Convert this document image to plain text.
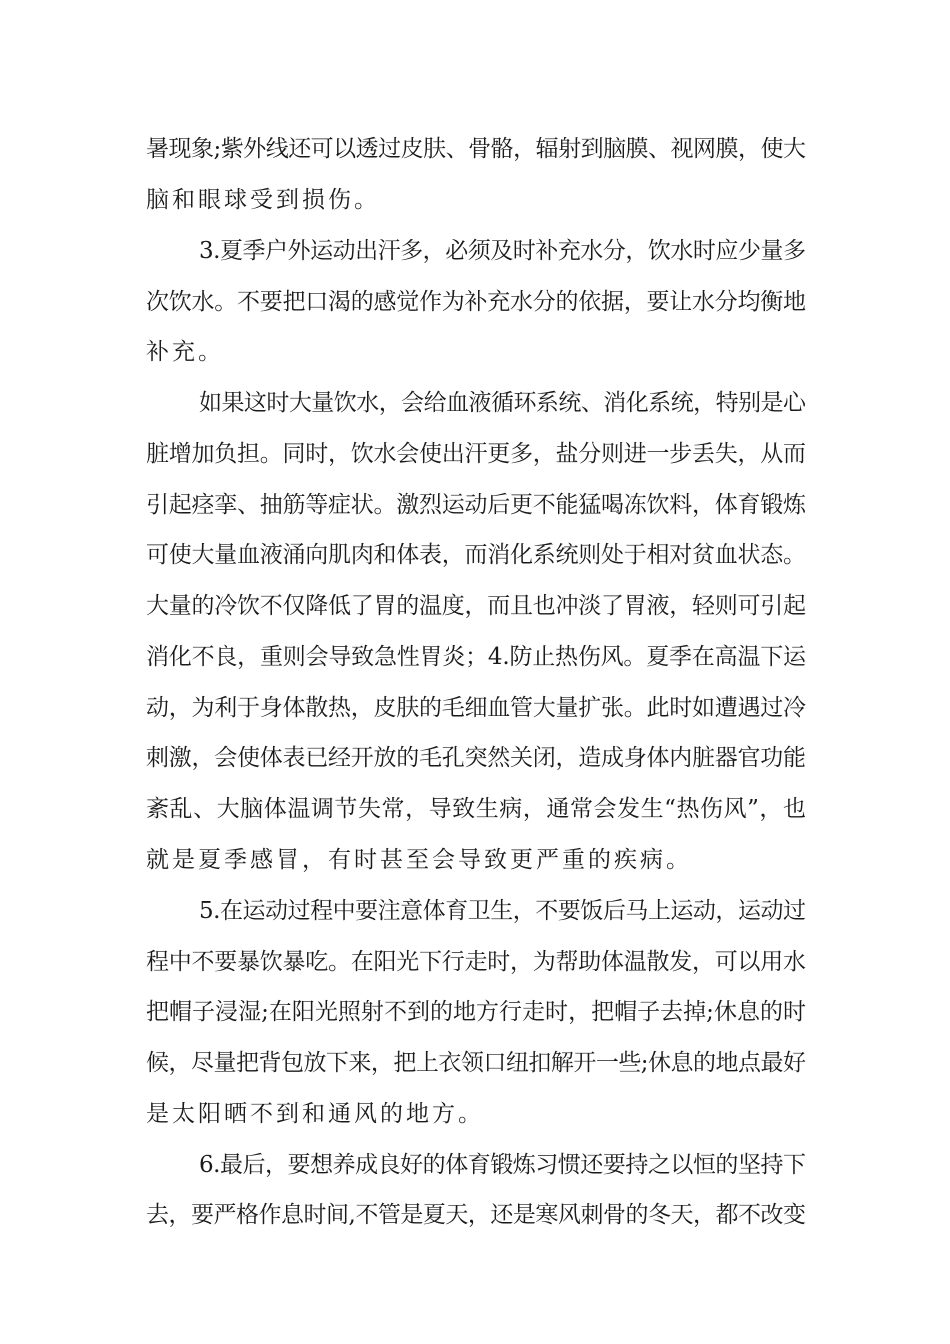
暑现象;紫外线还可以透过皮肤、骨骼，辐射到脑膜、视网膜，使大
脑和眼球受到损伤。
3.夏季户外运动出汗多，必须及时补充水分，饮水时应少量多
次饮水。不要把口渴的感觉作为补充水分的依据，要让水分均衡地
补充。
如果这时大量饮水，会给血液循环系统、消化系统，特别是心
脏增加负担。同时，饮水会使出汗更多，盐分则进一步丢失，从而
引起痉挛、抽筋等症状。激烈运动后更不能猛喝冻饮料，体育锻炼
可使大量血液涌向肌肉和体表，而消化系统则处于相对贫血状态。
大量的冷饮不仅降低了胃的温度，而且也冲淡了胃液，轻则可引起
消化不良，重则会导致急性胃炎；4.防止热伤风。夏季在高温下运
动，为利于身体散热，皮肤的毛细血管大量扩张。此时如遭遇过冷
刺激，会使体表已经开放的毛孔突然关闭，造成身体内脏器官功能
紊乱、大脑体温调节失常，导致生病，通常会发生“热伤风”，也
就是夏季感冒，有时甚至会导致更严重的疾病。
5.在运动过程中要注意体育卫生，不要饭后马上运动，运动过
程中不要暴饮暴吃。在阳光下行走时，为帮助体温散发，可以用水
把帽子浸湿;在阳光照射不到的地方行走时，把帽子去掉;休息的时
候，尽量把背包放下来，把上衣领口纽扣解开一些;休息的地点最好
是太阳晒不到和通风的地方。
6.最后，要想养成良好的体育锻炼习惯还要持之以恒的坚持下
去，要严格作息时间,不管是夏天，还是寒风刺骨的冬天，都不改变
